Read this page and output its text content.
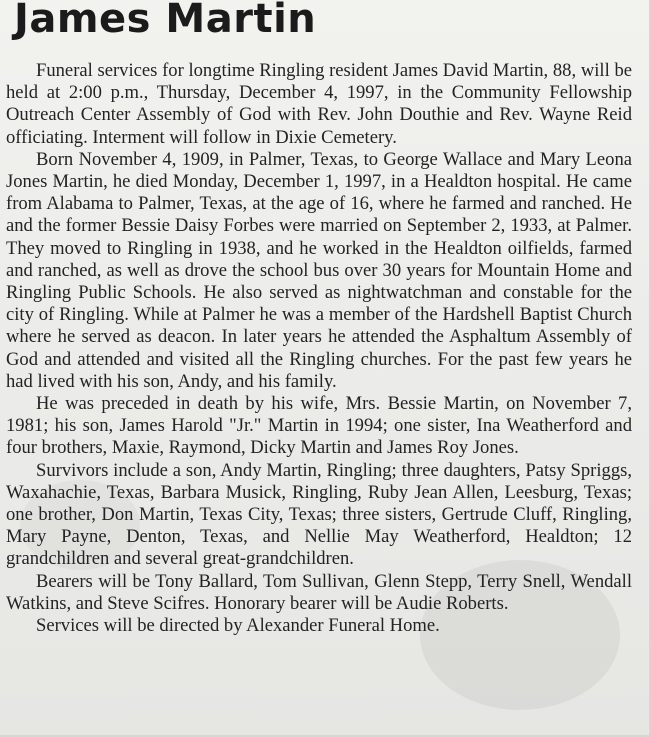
James Martin

Funeral services for longtime Ringling resident James David Martin, 88, will be held at 2:00 p.m., Thursday, December 4, 1997, in the Community Fellowship Outreach Center Assembly of God with Rev. John Douthie and Rev. Wayne Reid officiating. Interment will follow in Dixie Cemetery.

Born November 4, 1909, in Palmer, Texas, to George Wallace and Mary Leona Jones Martin, he died Monday, December 1, 1997, in a Healdton hospital. He came from Alabama to Palmer, Texas, at the age of 16, where he farmed and ranched. He and the former Bessie Daisy Forbes were married on September 2, 1933, at Palmer. They moved to Ringling in 1938, and he worked in the Healdton oilfields, farmed and ranched, as well as drove the school bus over 30 years for Mountain Home and Ringling Public Schools. He also served as nightwatchman and constable for the city of Ringling. While at Palmer he was a member of the Hardshell Baptist Church where he served as deacon. In later years he attended the Asphaltum Assembly of God and attended and visited all the Ringling churches. For the past few years he had lived with his son, Andy, and his family.

He was preceded in death by his wife, Mrs. Bessie Martin, on November 7, 1981; his son, James Harold "Jr." Martin in 1994; one sister, Ina Weatherford and four brothers, Maxie, Raymond, Dicky Martin and James Roy Jones.

Survivors include a son, Andy Martin, Ringling; three daughters, Patsy Spriggs, Waxahachie, Texas, Barbara Musick, Ringling, Ruby Jean Allen, Leesburg, Texas; one brother, Don Martin, Texas City, Texas; three sisters, Gertrude Cluff, Ringling, Mary Payne, Denton, Texas, and Nellie May Weatherford, Healdton; 12 grandchildren and several great-grandchildren.

Bearers will be Tony Ballard, Tom Sullivan, Glenn Stepp, Terry Snell, Wendall Watkins, and Steve Scifres. Honorary bearer will be Audie Roberts.

Services will be directed by Alexander Funeral Home.
